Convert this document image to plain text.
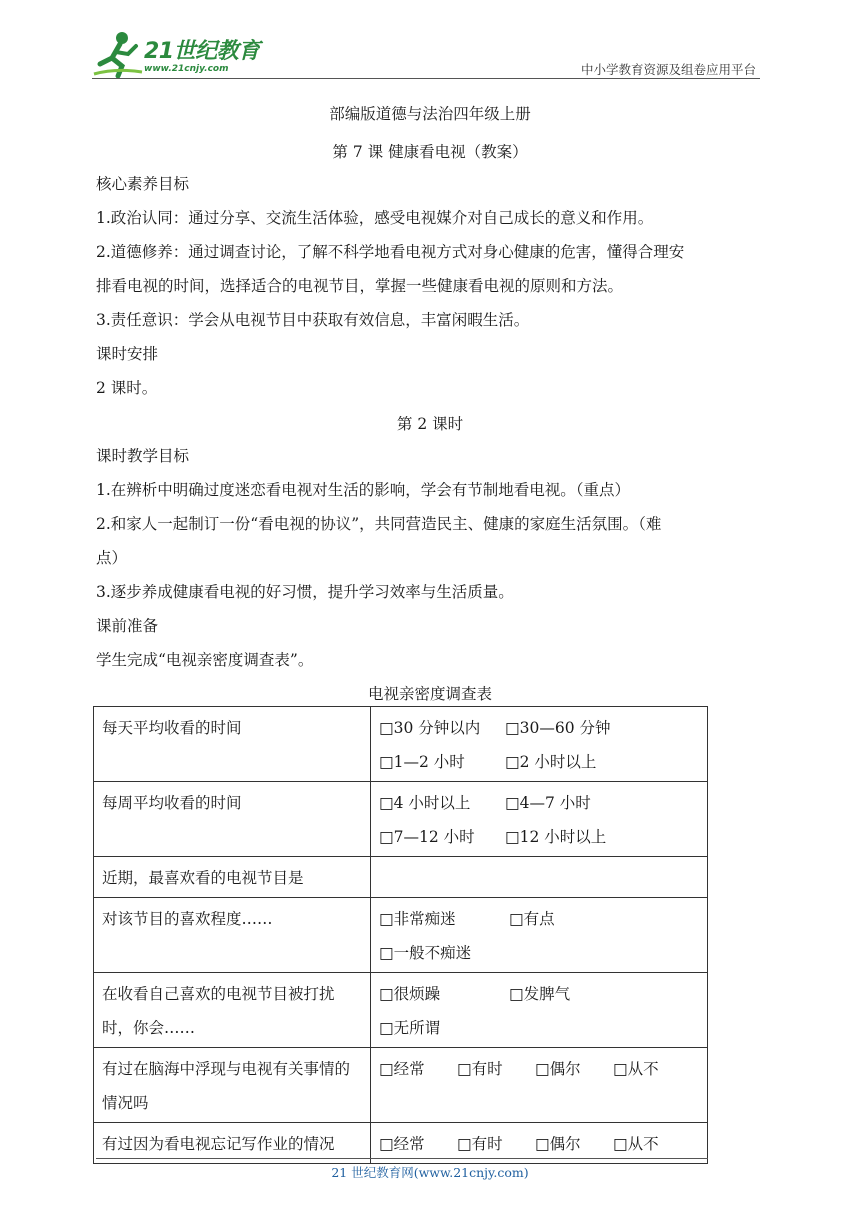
21世纪教育
www.21cnjy.com	中小学教育资源及组卷应用平台
部编版道德与法治四年级上册
第 7 课 健康看电视（教案）
核心素养目标
1.政治认同：通过分享、交流生活体验，感受电视媒介对自己成长的意义和作用。
2.道德修养：通过调查讨论，了解不科学地看电视方式对身心健康的危害，懂得合理安
排看电视的时间，选择适合的电视节目，掌握一些健康看电视的原则和方法。
3.责任意识：学会从电视节目中获取有效信息，丰富闲暇生活。
课时安排
2 课时。
第 2 课时
课时教学目标
1.在辨析中明确过度迷恋看电视对生活的影响，学会有节制地看电视。（重点）
2.和家人一起制订一份“看电视的协议”，共同营造民主、健康的家庭生活氛围。（难
点）
3.逐步养成健康看电视的好习惯，提升学习效率与生活质量。
课前准备
学生完成“电视亲密度调查表”。
电视亲密度调查表
每天平均收看的时间	□30 分钟以内 □30—60 分钟
□1—2 小时 □2 小时以上

每周平均收看的时间	□4 小时以上 □4—7 小时
□7—12 小时 □12 小时以上

近期，最喜欢看的电视节目是	

对该节目的喜欢程度……	□非常痴迷 □有点
□一般不痴迷

在收看自己喜欢的电视节目被打扰时，你会……	□很烦躁 □发脾气
□无所谓

有过在脑海中浮现与电视有关事情的情况吗	□经常 □有时 □偶尔 □从不

有过因为看电视忘记写作业的情况	□经常 □有时 □偶尔 □从不
21 世纪教育网(www.21cnjy.com)
